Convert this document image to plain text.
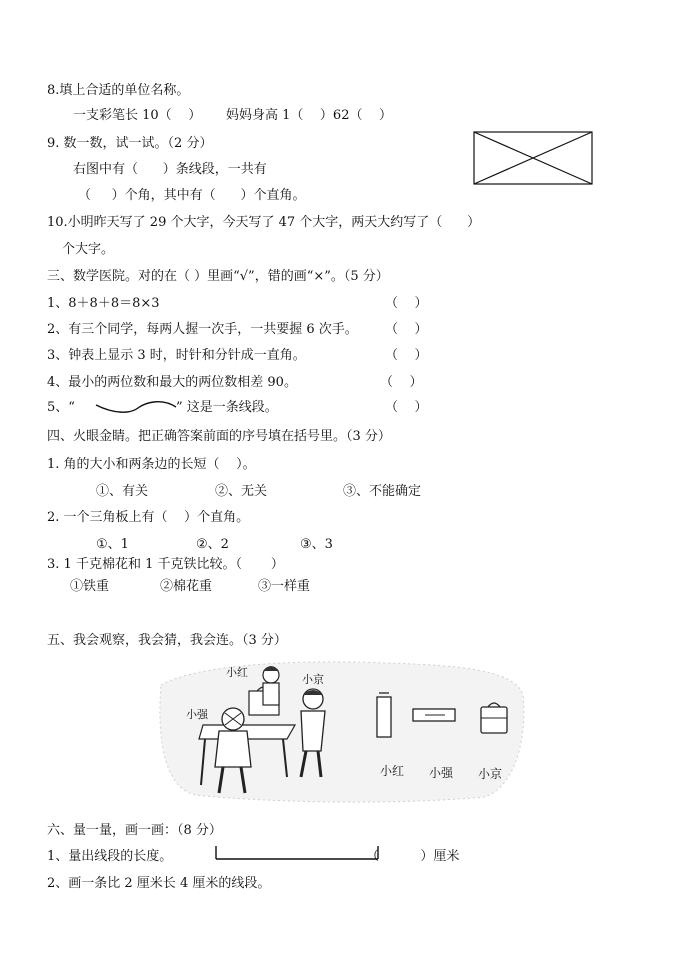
8.填上合适的单位名称。
一支彩笔长 10（    ）      妈妈身高 1（    ）62（    ）
9. 数一数，试一试。（2 分）
右图中有（      ）条线段，一共有
（     ）个角，其中有（      ）个直角。
10.小明昨天写了 29 个大字，今天写了 47 个大字，两天大约写了（      ）
个大字。
三、数学医院。对的在（ ）里画“√”，错的画“×”。（5 分）
1、8＋8＋8＝8×3	（    ）
2、有三个同学，每两人握一次手，一共要握 6 次手。 （    ）
3、钟表上显示 3 时，时针和分针成一直角。	（    ）
4、最小的两位数和最大的两位数相差 90。	（    ）
5、“	” 这是一条线段。	（    ）
四、火眼金睛。把正确答案前面的序号填在括号里。（3 分）
1. 角的大小和两条边的长短（    ）。
①、有关	②、无关	③、不能确定
2. 一个三角板上有（    ）个直角。
①、1	②、2	③、3
3. 1 千克棉花和 1 千克铁比较。（       ）
①铁重	②棉花重	③一样重
五、我会观察，我会猜，我会连。（3 分）
小红
小京
小强
小红 小强 小京
六、量一量，画一画：（8 分）
1、量出线段的长度。	（          ）厘米
2、画一条比 2 厘米长 4 厘米的线段。
